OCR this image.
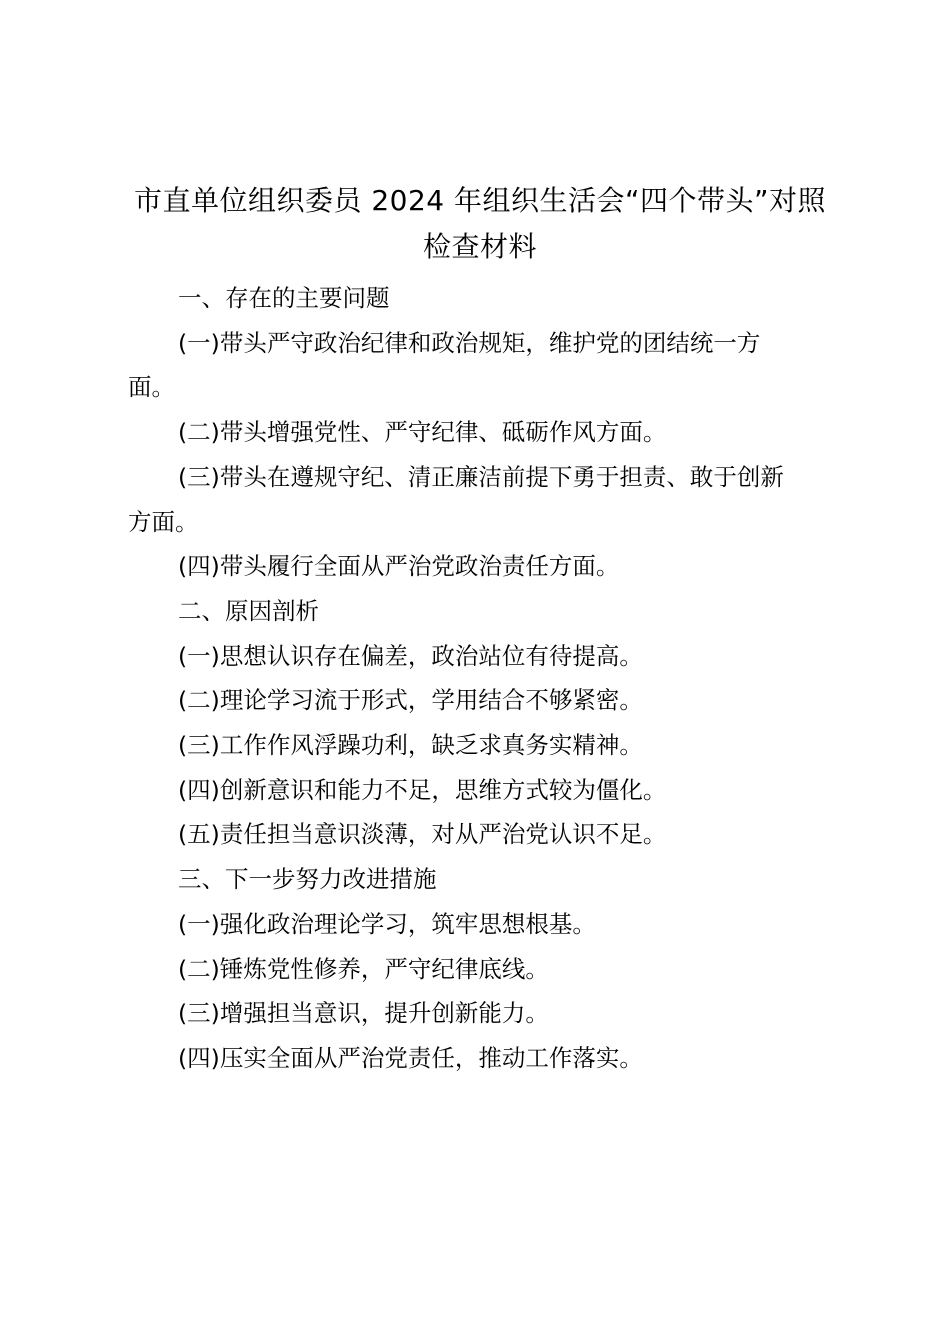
市直单位组织委员 2024 年组织生活会“四个带头”对照
检查材料
一、存在的主要问题
(一)带头严守政治纪律和政治规矩，维护党的团结统一方
面。
(二)带头增强党性、严守纪律、砥砺作风方面。
(三)带头在遵规守纪、清正廉洁前提下勇于担责、敢于创新
方面。
(四)带头履行全面从严治党政治责任方面。
二、原因剖析
(一)思想认识存在偏差，政治站位有待提高。
(二)理论学习流于形式，学用结合不够紧密。
(三)工作作风浮躁功利，缺乏求真务实精神。
(四)创新意识和能力不足，思维方式较为僵化。
(五)责任担当意识淡薄，对从严治党认识不足。
三、下一步努力改进措施
(一)强化政治理论学习，筑牢思想根基。
(二)锤炼党性修养，严守纪律底线。
(三)增强担当意识，提升创新能力。
(四)压实全面从严治党责任，推动工作落实。
